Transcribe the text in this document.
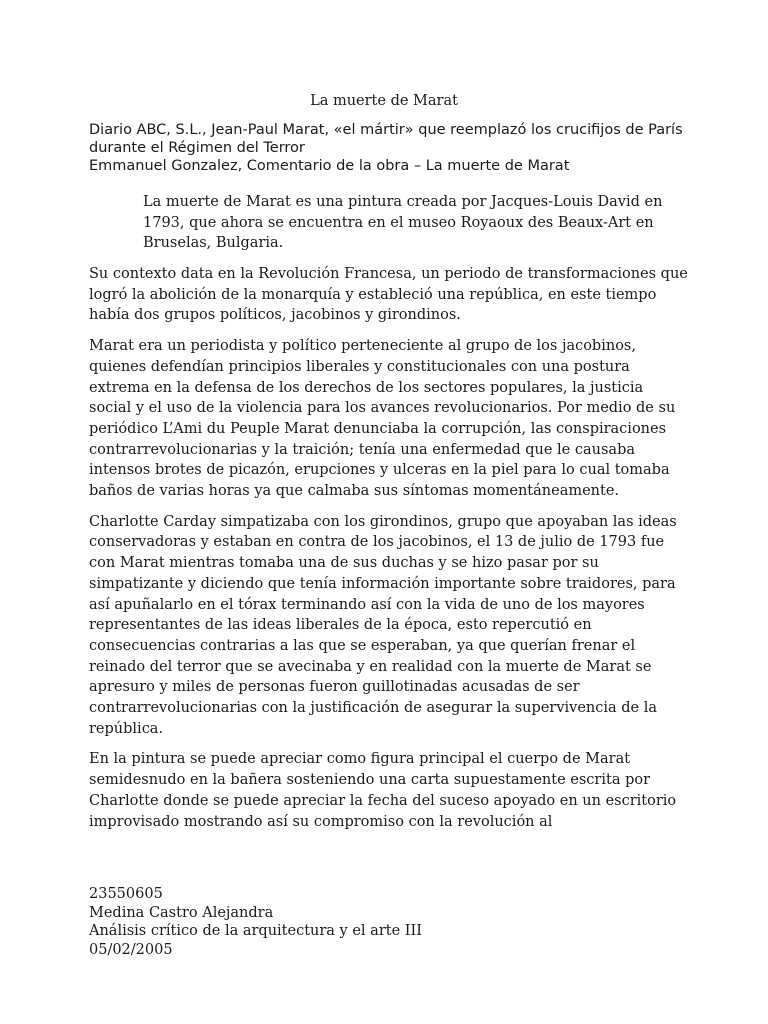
La muerte de Marat
Diario ABC, S.L., Jean-Paul Marat, «el mártir» que reemplazó los crucifijos de París durante el Régimen del Terror
Emmanuel Gonzalez, Comentario de la obra – La muerte de Marat

La muerte de Marat es una pintura creada por Jacques-Louis David en 1793, que ahora se encuentra en el museo Royaoux des Beaux-Art en Bruselas, Bulgaria.

Su contexto data en la Revolución Francesa, un periodo de transformaciones que logró la abolición de la monarquía y estableció una república, en este tiempo había dos grupos políticos, jacobinos y girondinos.

Marat era un periodista y político perteneciente al grupo de los jacobinos, quienes defendían principios liberales y constitucionales con una postura extrema en la defensa de los derechos de los sectores populares, la justicia social y el uso de la violencia para los avances revolucionarios. Por medio de su periódico L’Ami du Peuple Marat denunciaba la corrupción, las conspiraciones contrarrevolucionarias y la traición; tenía una enfermedad que le causaba intensos brotes de picazón, erupciones y ulceras en la piel para lo cual tomaba baños de varias horas ya que calmaba sus síntomas momentáneamente.

Charlotte Carday simpatizaba con los girondinos, grupo que apoyaban las ideas conservadoras y estaban en contra de los jacobinos, el 13 de julio de 1793 fue con Marat mientras tomaba una de sus duchas y se hizo pasar por su simpatizante y diciendo que tenía información importante sobre traidores, para así apuñalarlo en el tórax terminando así con la vida de uno de los mayores representantes de las ideas liberales de la época, esto repercutió en consecuencias contrarias a las que se esperaban, ya que querían frenar el reinado del terror que se avecinaba y en realidad con la muerte de Marat se apresuro y miles de personas fueron guillotinadas acusadas de ser contrarrevolucionarias con la justificación de asegurar la supervivencia de la república.

En la pintura se puede apreciar como figura principal el cuerpo de Marat semidesnudo en la bañera sosteniendo una carta supuestamente escrita por Charlotte donde se puede apreciar la fecha del suceso apoyado en un escritorio improvisado mostrando así su compromiso con la revolución al

23550605
Medina Castro Alejandra
Análisis crítico de la arquitectura y el arte III
05/02/2005
